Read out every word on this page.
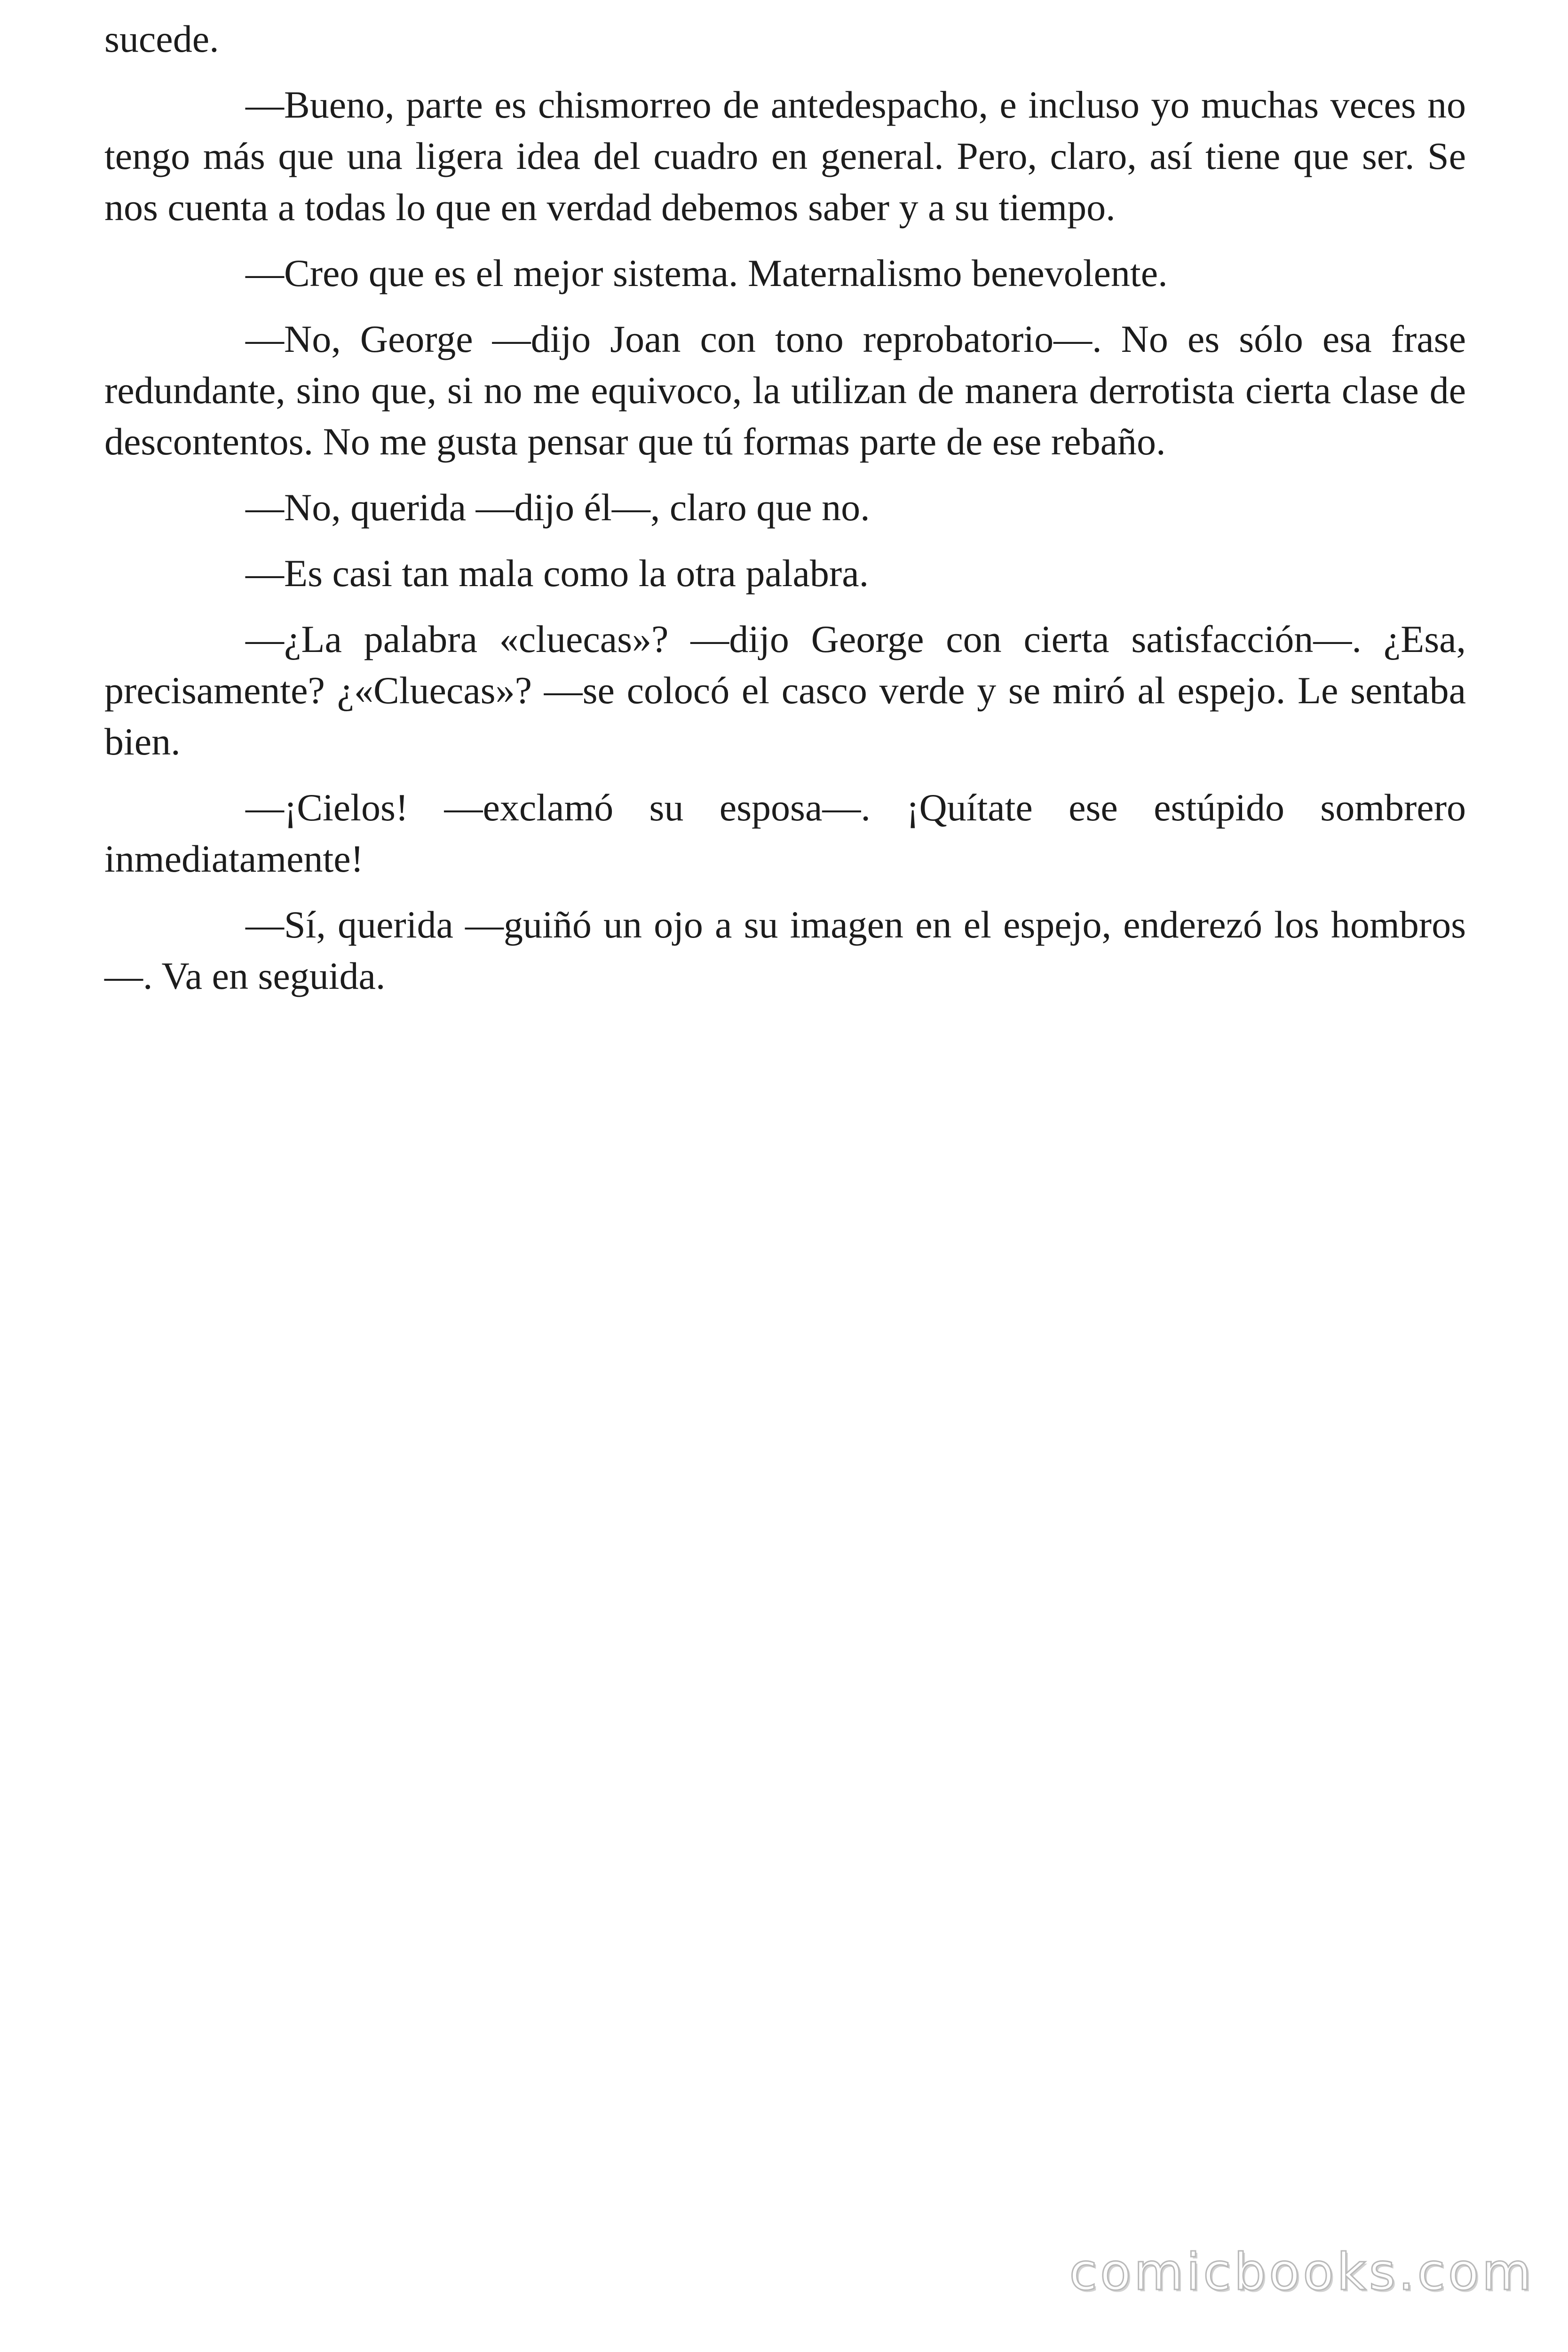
sucede.

—Bueno, parte es chismorreo de antedespacho, e incluso yo muchas veces no tengo más que una ligera idea del cuadro en general. Pero, claro, así tiene que ser. Se nos cuenta a todas lo que en verdad debemos saber y a su tiempo.

—Creo que es el mejor sistema. Maternalismo benevolente.

—No, George —dijo Joan con tono reprobatorio—. No es sólo esa frase redundante, sino que, si no me equivoco, la utilizan de manera derrotista cierta clase de descontentos. No me gusta pensar que tú formas parte de ese rebaño.

—No, querida —dijo él—, claro que no.

—Es casi tan mala como la otra palabra.

—¿La palabra «cluecas»? —dijo George con cierta satisfacción—. ¿Esa, precisamente? ¿«Cluecas»? —se colocó el casco verde y se miró al espejo. Le sentaba bien.

—¡Cielos! —exclamó su esposa—. ¡Quítate ese estúpido sombrero inmediatamente!

—Sí, querida —guiñó un ojo a su imagen en el espejo, enderezó los hombros—. Va en seguida.

comicbooks.com
